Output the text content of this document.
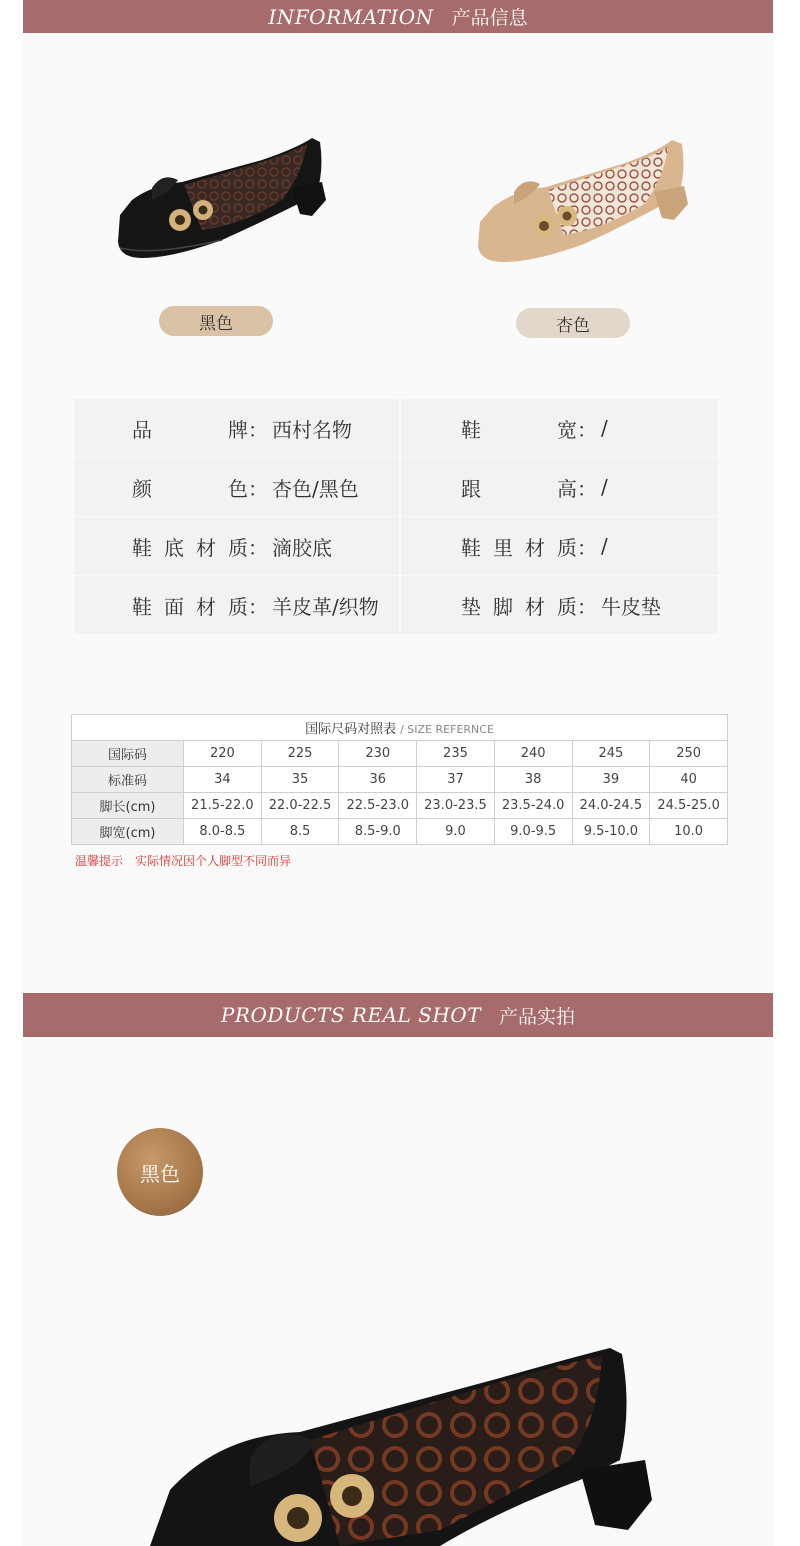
INFORMATION 产品信息
黑色	杏色
品牌 ： 西村名物	鞋宽 ： /
颜色 ： 杏色/黑色	跟高 ： /
鞋底材质 ： 滴胶底	鞋里材质 ： /
鞋面材质 ： 羊皮革/织物	垫脚材质 ： 牛皮垫
国际尺码对照表 / SIZE REFERNCE							
国际码	220	225	230	235	240	245	250
标准码	34	35	36	37	38	39	40
脚长(cm)	21.5-22.0	22.0-22.5	22.5-23.0	23.0-23.5	23.5-24.0	24.0-24.5	24.5-25.0
脚宽(cm)	8.0-8.5	8.5	8.5-9.0	9.0	9.0-9.5	9.5-10.0	10.0
温馨提示 实际情况因个人脚型不同而异
PRODUCTS REAL SHOT 产品实拍
黑色
